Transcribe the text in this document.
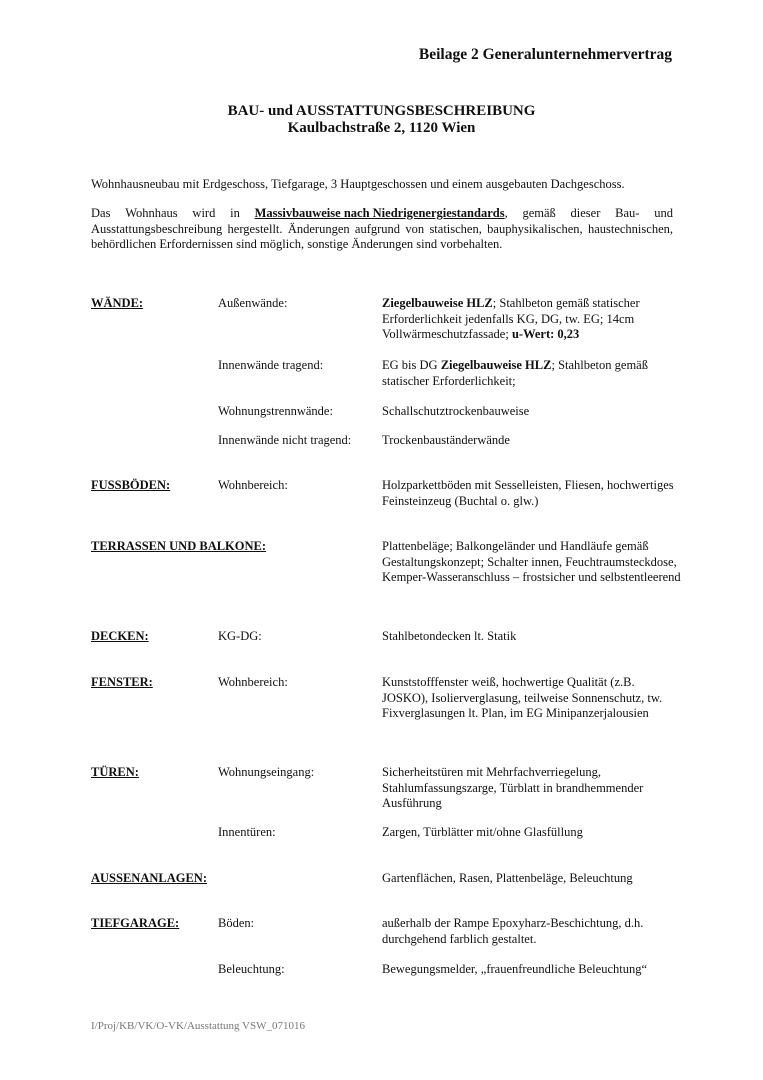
Beilage 2 Generalunternehmervertrag
BAU- und AUSSTATTUNGSBESCHREIBUNG
Kaulbachstraße 2, 1120 Wien
Wohnhausneubau mit Erdgeschoss, Tiefgarage, 3 Hauptgeschossen und einem ausgebauten Dachgeschoss.
Das Wohnhaus wird in Massivbauweise nach Niedrigenergiestandards, gemäß dieser Bau- und
Ausstattungsbeschreibung hergestellt. Änderungen aufgrund von statischen, bauphysikalischen, haustechnischen, behördlichen Erfordernissen sind möglich, sonstige Änderungen sind vorbehalten.
WÄNDE:	Außenwände:	Ziegelbauweise HLZ; Stahlbeton gemäß statischer Erforderlichkeit jedenfalls KG, DG, tw. EG; 14cm Vollwärmeschutzfassade; u-Wert: 0,23
Innenwände tragend:	EG bis DG Ziegelbauweise HLZ; Stahlbeton gemäß statischer Erforderlichkeit;
Wohnungstrennwände:	Schallschutztrockenbauweise
Innenwände nicht tragend: Trockenbauständerwände
FUSSBÖDEN:	Wohnbereich:	Holzparkettböden mit Sesselleisten, Fliesen, hochwertiges Feinsteinzeug (Buchtal o. glw.)
TERRASSEN UND BALKONE:	Plattenbeläge; Balkongeländer und Handläufe gemäß Gestaltungskonzept; Schalter innen, Feuchtraumsteckdose, Kemper-Wasseranschluss – frostsicher und selbstentleerend
DECKEN:	KG-DG:	Stahlbetondecken lt. Statik
FENSTER:	Wohnbereich:	Kunststofffenster weiß, hochwertige Qualität (z.B. JOSKO), Isolierverglasung, teilweise Sonnenschutz, tw. Fixverglasungen lt. Plan, im EG Minipanzerjalousien
TÜREN:	Wohnungseingang:	Sicherheitstüren mit Mehrfachverriegelung, Stahlumfassungszarge, Türblatt in brandhemmender Ausführung
Innentüren:	Zargen, Türblätter mit/ohne Glasfüllung
AUSSENANLAGEN:	Gartenflächen, Rasen, Plattenbeläge, Beleuchtung
TIEFGARAGE:	Böden:	außerhalb der Rampe Epoxyharz-Beschichtung, d.h. durchgehend farblich gestaltet.
Beleuchtung:	Bewegungsmelder, „frauenfreundliche Beleuchtung“
I/Proj/KB/VK/O-VK/Ausstattung VSW_071016
